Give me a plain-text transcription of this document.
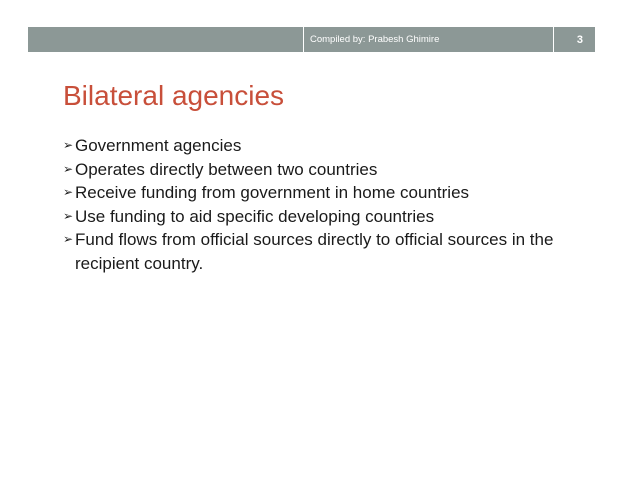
Compiled by: Prabesh Ghimire	3
Bilateral agencies
➢ Government agencies
➢ Operates directly between two countries
➢ Receive funding from government in home countries
➢ Use funding to aid specific developing countries
➢ Fund flows from official sources directly to official sources in the recipient country.
